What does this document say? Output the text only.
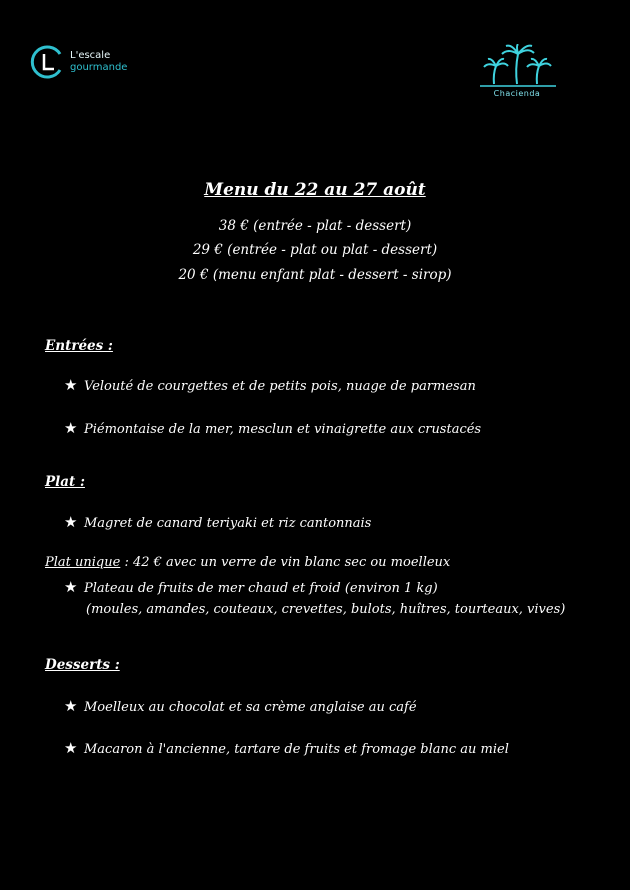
L'escale
gourmande
Chacienda
Menu du 22 au 27 août
38 € (entrée - plat - dessert)
29 € (entrée - plat ou plat - dessert)
20 € (menu enfant plat - dessert - sirop)
Entrées :
★ Velouté de courgettes et de petits pois, nuage de parmesan
★ Piémontaise de la mer, mesclun et vinaigrette aux crustacés
Plat :
★ Magret de canard teriyaki et riz cantonnais
Plat unique : 42 € avec un verre de vin blanc sec ou moelleux
★ Plateau de fruits de mer chaud et froid (environ 1 kg)
(moules, amandes, couteaux, crevettes, bulots, huîtres, tourteaux, vives)
Desserts :
★ Moelleux au chocolat et sa crème anglaise au café
★ Macaron à l'ancienne, tartare de fruits et fromage blanc au miel
